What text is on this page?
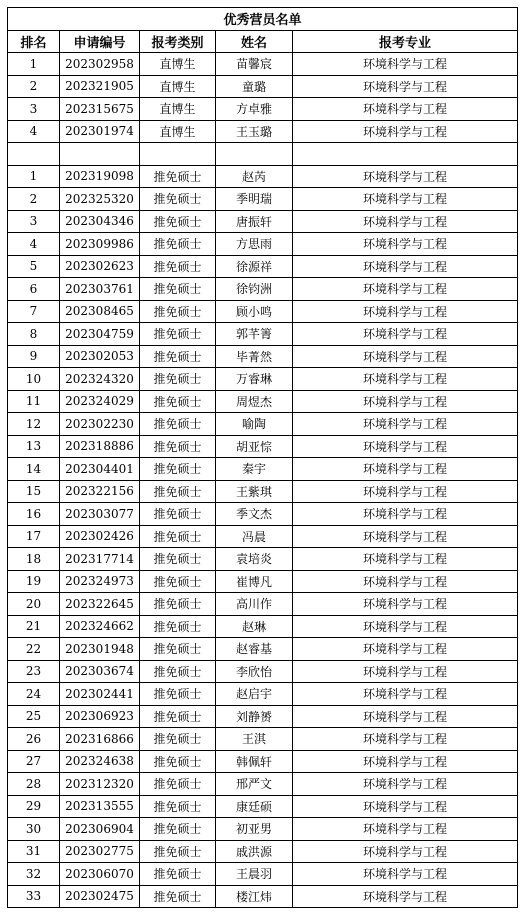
优秀营员名单				
排名	申请编号	报考类别	姓名	报考专业
1	202302958	直博生	苗馨宸	环境科学与工程
2	202321905	直博生	童璐	环境科学与工程
3	202315675	直博生	方卓雅	环境科学与工程
4	202301974	直博生	王玉璐	环境科学与工程

1	202319098	推免硕士	赵芮	环境科学与工程
2	202325320	推免硕士	季明瑞	环境科学与工程
3	202304346	推免硕士	唐振轩	环境科学与工程
4	202309986	推免硕士	方思雨	环境科学与工程
5	202302623	推免硕士	徐源祥	环境科学与工程
6	202303761	推免硕士	徐钧洲	环境科学与工程
7	202308465	推免硕士	顾小鸣	环境科学与工程
8	202304759	推免硕士	郭芊箐	环境科学与工程
9	202302053	推免硕士	毕菁然	环境科学与工程
10	202324320	推免硕士	万睿琳	环境科学与工程
11	202324029	推免硕士	周煜杰	环境科学与工程
12	202302230	推免硕士	喻陶	环境科学与工程
13	202318886	推免硕士	胡亚悰	环境科学与工程
14	202304401	推免硕士	秦宇	环境科学与工程
15	202322156	推免硕士	王紫琪	环境科学与工程
16	202303077	推免硕士	季文杰	环境科学与工程
17	202302426	推免硕士	冯晨	环境科学与工程
18	202317714	推免硕士	袁培炎	环境科学与工程
19	202324973	推免硕士	崔博凡	环境科学与工程
20	202322645	推免硕士	高川作	环境科学与工程
21	202324662	推免硕士	赵琳	环境科学与工程
22	202301948	推免硕士	赵睿基	环境科学与工程
23	202303674	推免硕士	李欣怡	环境科学与工程
24	202302441	推免硕士	赵启宇	环境科学与工程
25	202306923	推免硕士	刘静赟	环境科学与工程
26	202316866	推免硕士	王淇	环境科学与工程
27	202324638	推免硕士	韩佩轩	环境科学与工程
28	202312320	推免硕士	邢严文	环境科学与工程
29	202313555	推免硕士	康廷硕	环境科学与工程
30	202306904	推免硕士	初亚男	环境科学与工程
31	202302775	推免硕士	戚洪源	环境科学与工程
32	202306070	推免硕士	王晨羽	环境科学与工程
33	202302475	推免硕士	楼江炜	环境科学与工程
